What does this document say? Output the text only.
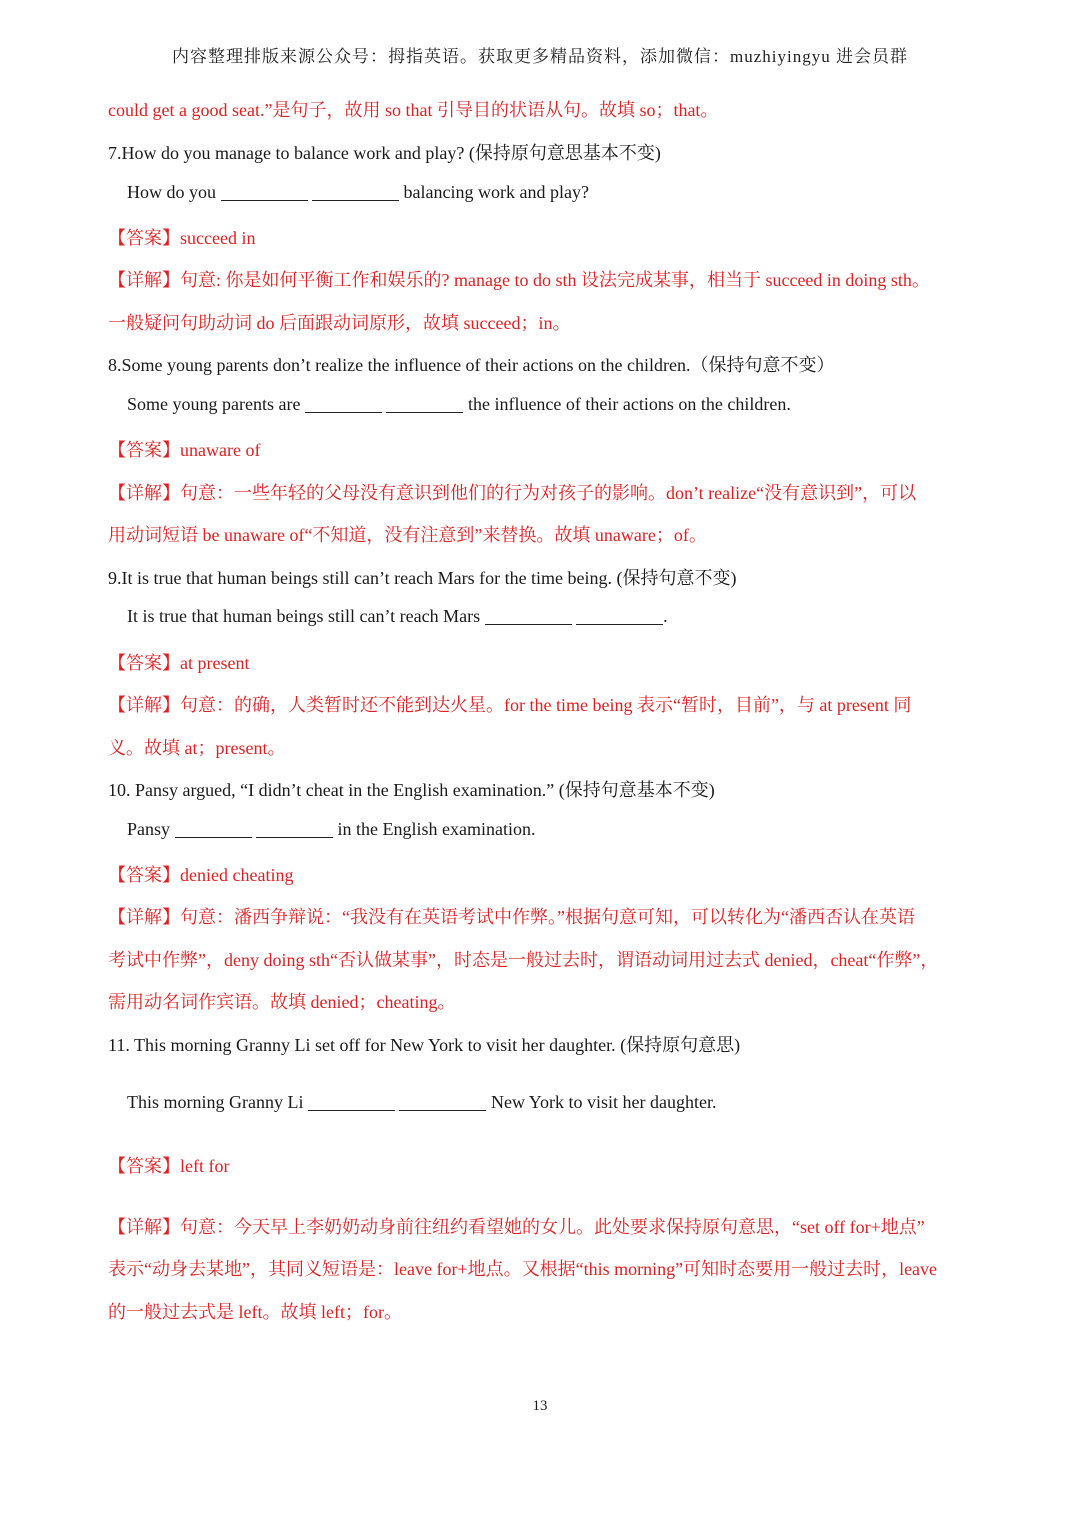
内容整理排版来源公众号：拇指英语。获取更多精品资料，添加微信：muzhiyingyu 进会员群
could get a good seat.”是句子，故用 so that 引导目的状语从句。故填 so；that。
7.How do you manage to balance work and play? (保持原句意思基本不变)
How do you	balancing work and play?
【答案】succeed in
【详解】句意: 你是如何平衡工作和娱乐的? manage to do sth 设法完成某事，相当于 succeed in doing sth。
一般疑问句助动词 do 后面跟动词原形，故填 succeed；in。
8.Some young parents don’t realize the influence of their actions on the children.（保持句意不变）
Some young parents are	the influence of their actions on the children.
【答案】unaware of
【详解】句意：一些年轻的父母没有意识到他们的行为对孩子的影响。don’t realize“没有意识到”，可以
用动词短语 be unaware of“不知道，没有注意到”来替换。故填 unaware；of。
9.It is true that human beings still can’t reach Mars for the time being. (保持句意不变)
It is true that human beings still can’t reach Mars	.
【答案】at present
【详解】句意：的确，人类暂时还不能到达火星。for the time being 表示“暂时，目前”，与 at present 同
义。故填 at；present。
10. Pansy argued, “I didn’t cheat in the English examination.” (保持句意基本不变)
Pansy	in the English examination.
【答案】denied cheating
【详解】句意：潘西争辩说：“我没有在英语考试中作弊。”根据句意可知，可以转化为“潘西否认在英语
考试中作弊”，deny doing sth“否认做某事”，时态是一般过去时，谓语动词用过去式 denied，cheat“作弊”，
需用动名词作宾语。故填 denied；cheating。
11. This morning Granny Li set off for New York to visit her daughter. (保持原句意思)
This morning Granny Li	New York to visit her daughter.
【答案】left for
【详解】句意：今天早上李奶奶动身前往纽约看望她的女儿。此处要求保持原句意思，“set off for+地点”
表示“动身去某地”，其同义短语是：leave for+地点。又根据“this morning”可知时态要用一般过去时，leave
的一般过去式是 left。故填 left；for。
13
